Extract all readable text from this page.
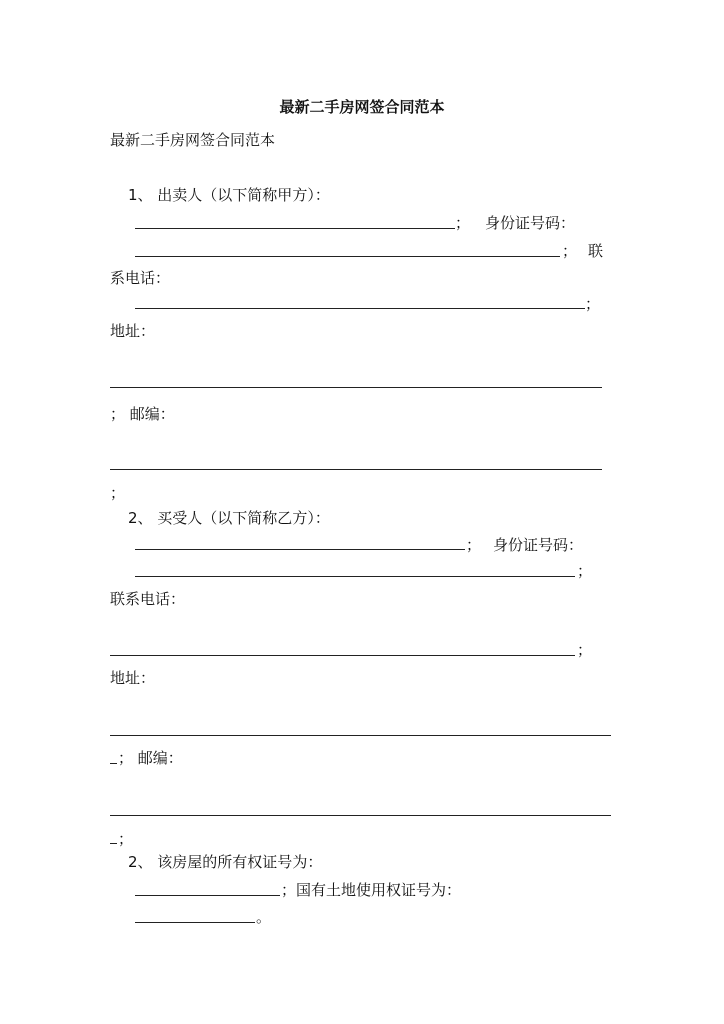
最新二手房网签合同范本
最新二手房网签合同范本
1、 出卖人（以下简称甲方）：
； 身份证号码：
； 联
系电话：
；
地址：
； 邮编：
；
2、 买受人（以下简称乙方）：
； 身份证号码：
；
联系电话：
；
地址：
； 邮编：
；
2、 该房屋的所有权证号为：
；国有土地使用权证号为：
。
